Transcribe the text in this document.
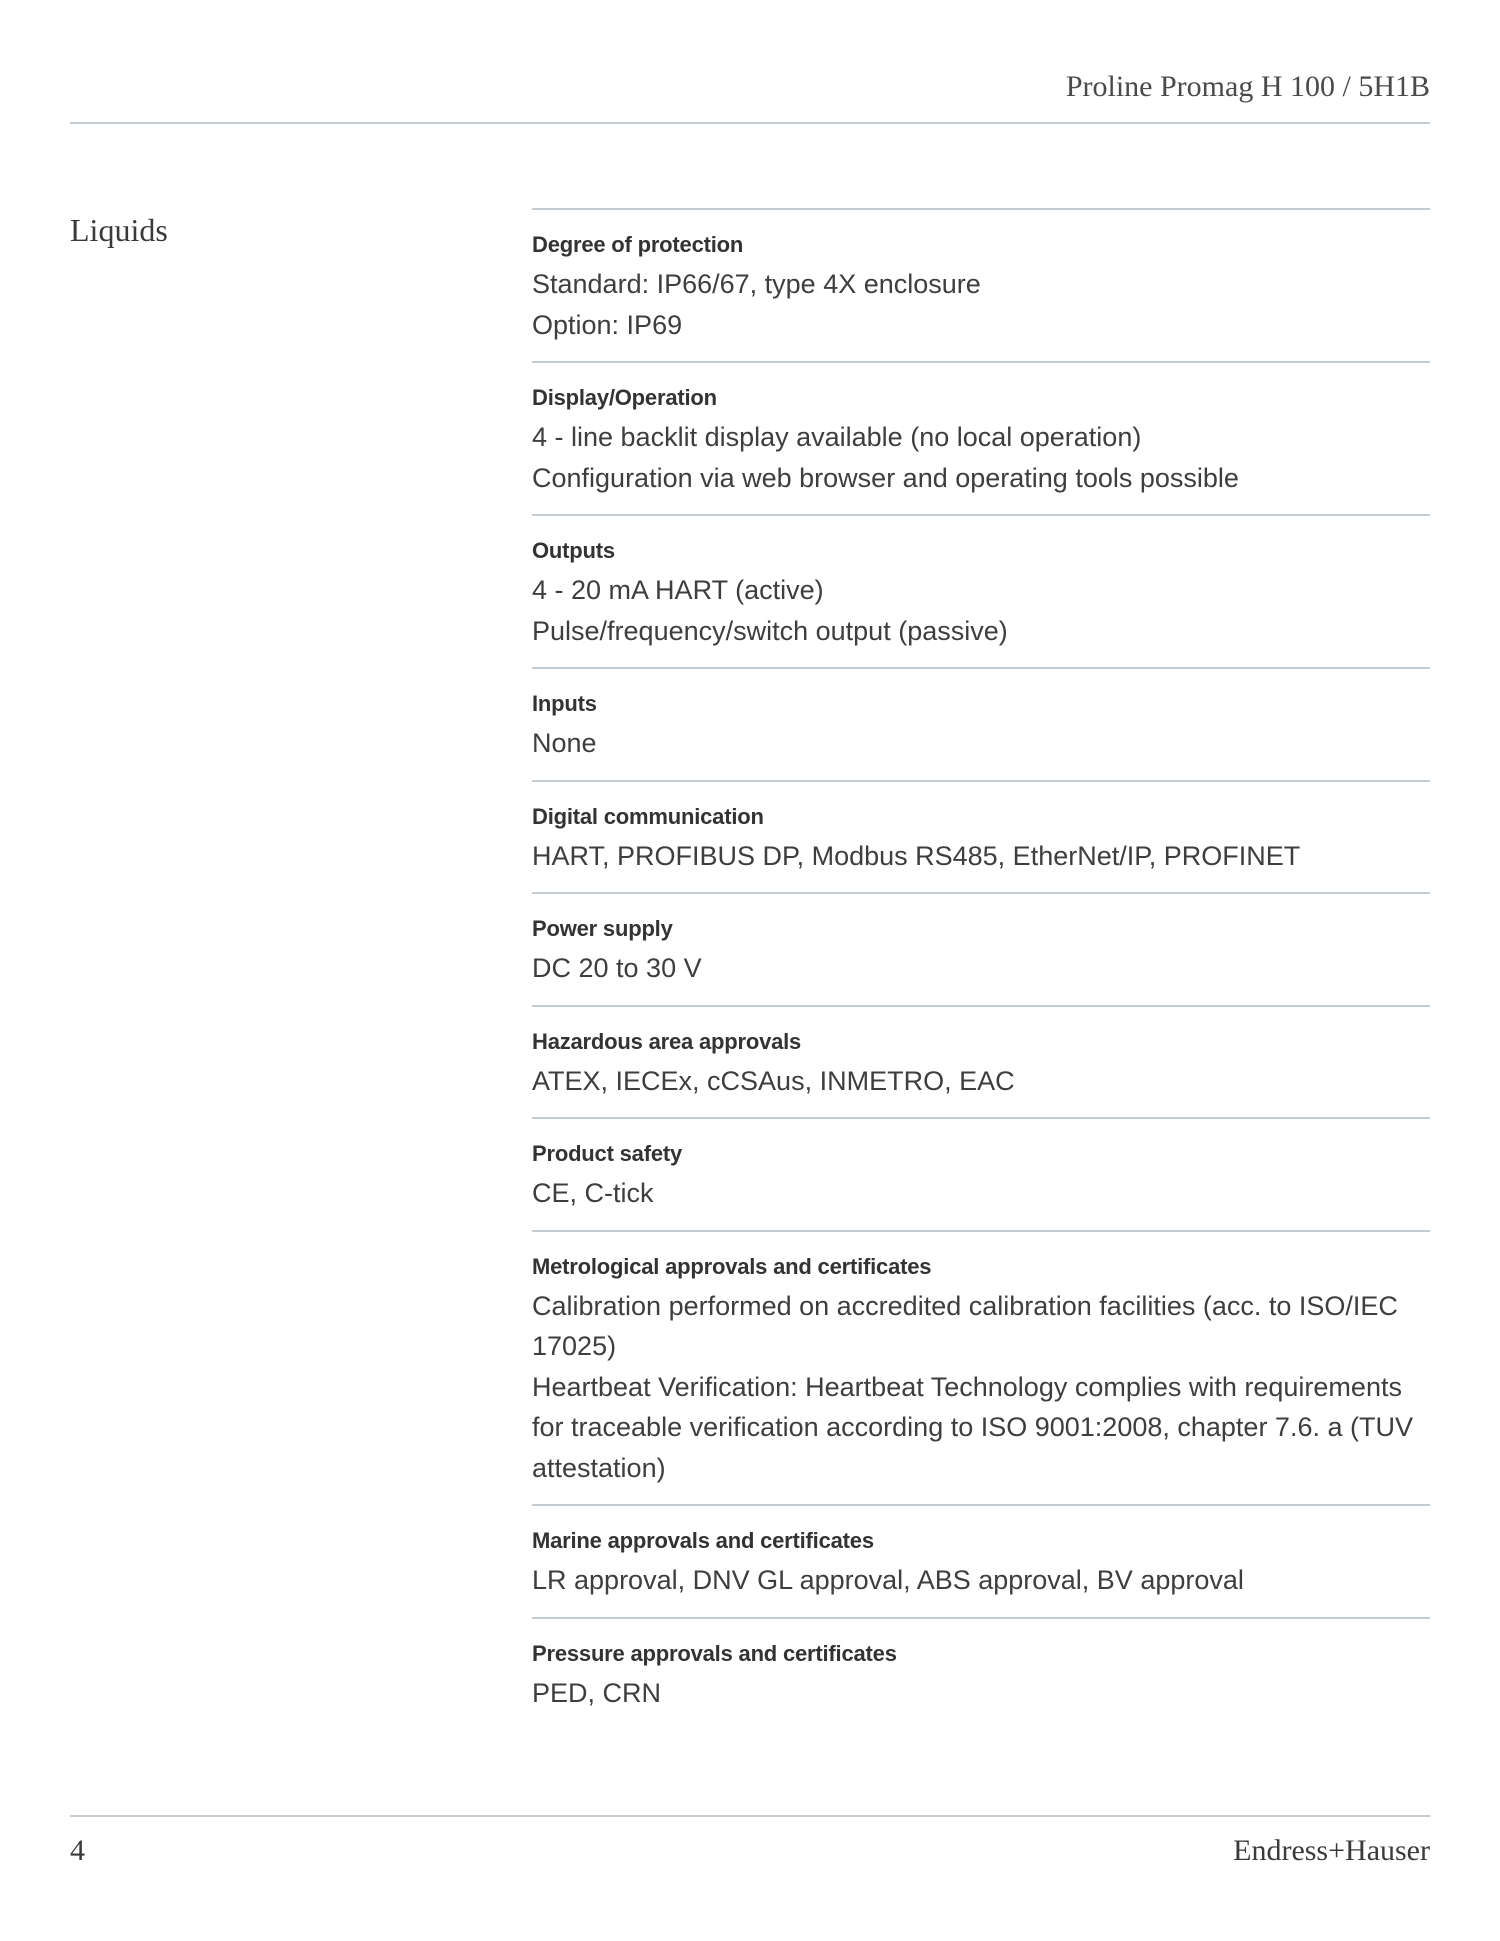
Proline Promag H 100 / 5H1B
Liquids	Degree of protection
Standard: IP66/67, type 4X enclosure
Option: IP69
Display/Operation
4 ‑ line backlit display available (no local operation)
Configuration via web browser and operating tools possible
Outputs
4 ‑ 20 mA HART (active)
Pulse/frequency/switch output (passive)
Inputs
None
Digital communication
HART, PROFIBUS DP, Modbus RS485, EtherNet/IP, PROFINET
Power supply
DC 20 to 30 V
Hazardous area approvals
ATEX, IECEx, cCSAus, INMETRO, EAC
Product safety
CE, C-tick
Metrological approvals and certificates
Calibration performed on accredited calibration facilities (acc. to ISO/IEC 17025)
Heartbeat Verification: Heartbeat Technology complies with requirements for traceable verification according to ISO 9001:2008, chapter 7.6. a (TUV attestation)
Marine approvals and certificates
LR approval, DNV GL approval, ABS approval, BV approval
Pressure approvals and certificates
PED, CRN
4	Endress+Hauser
